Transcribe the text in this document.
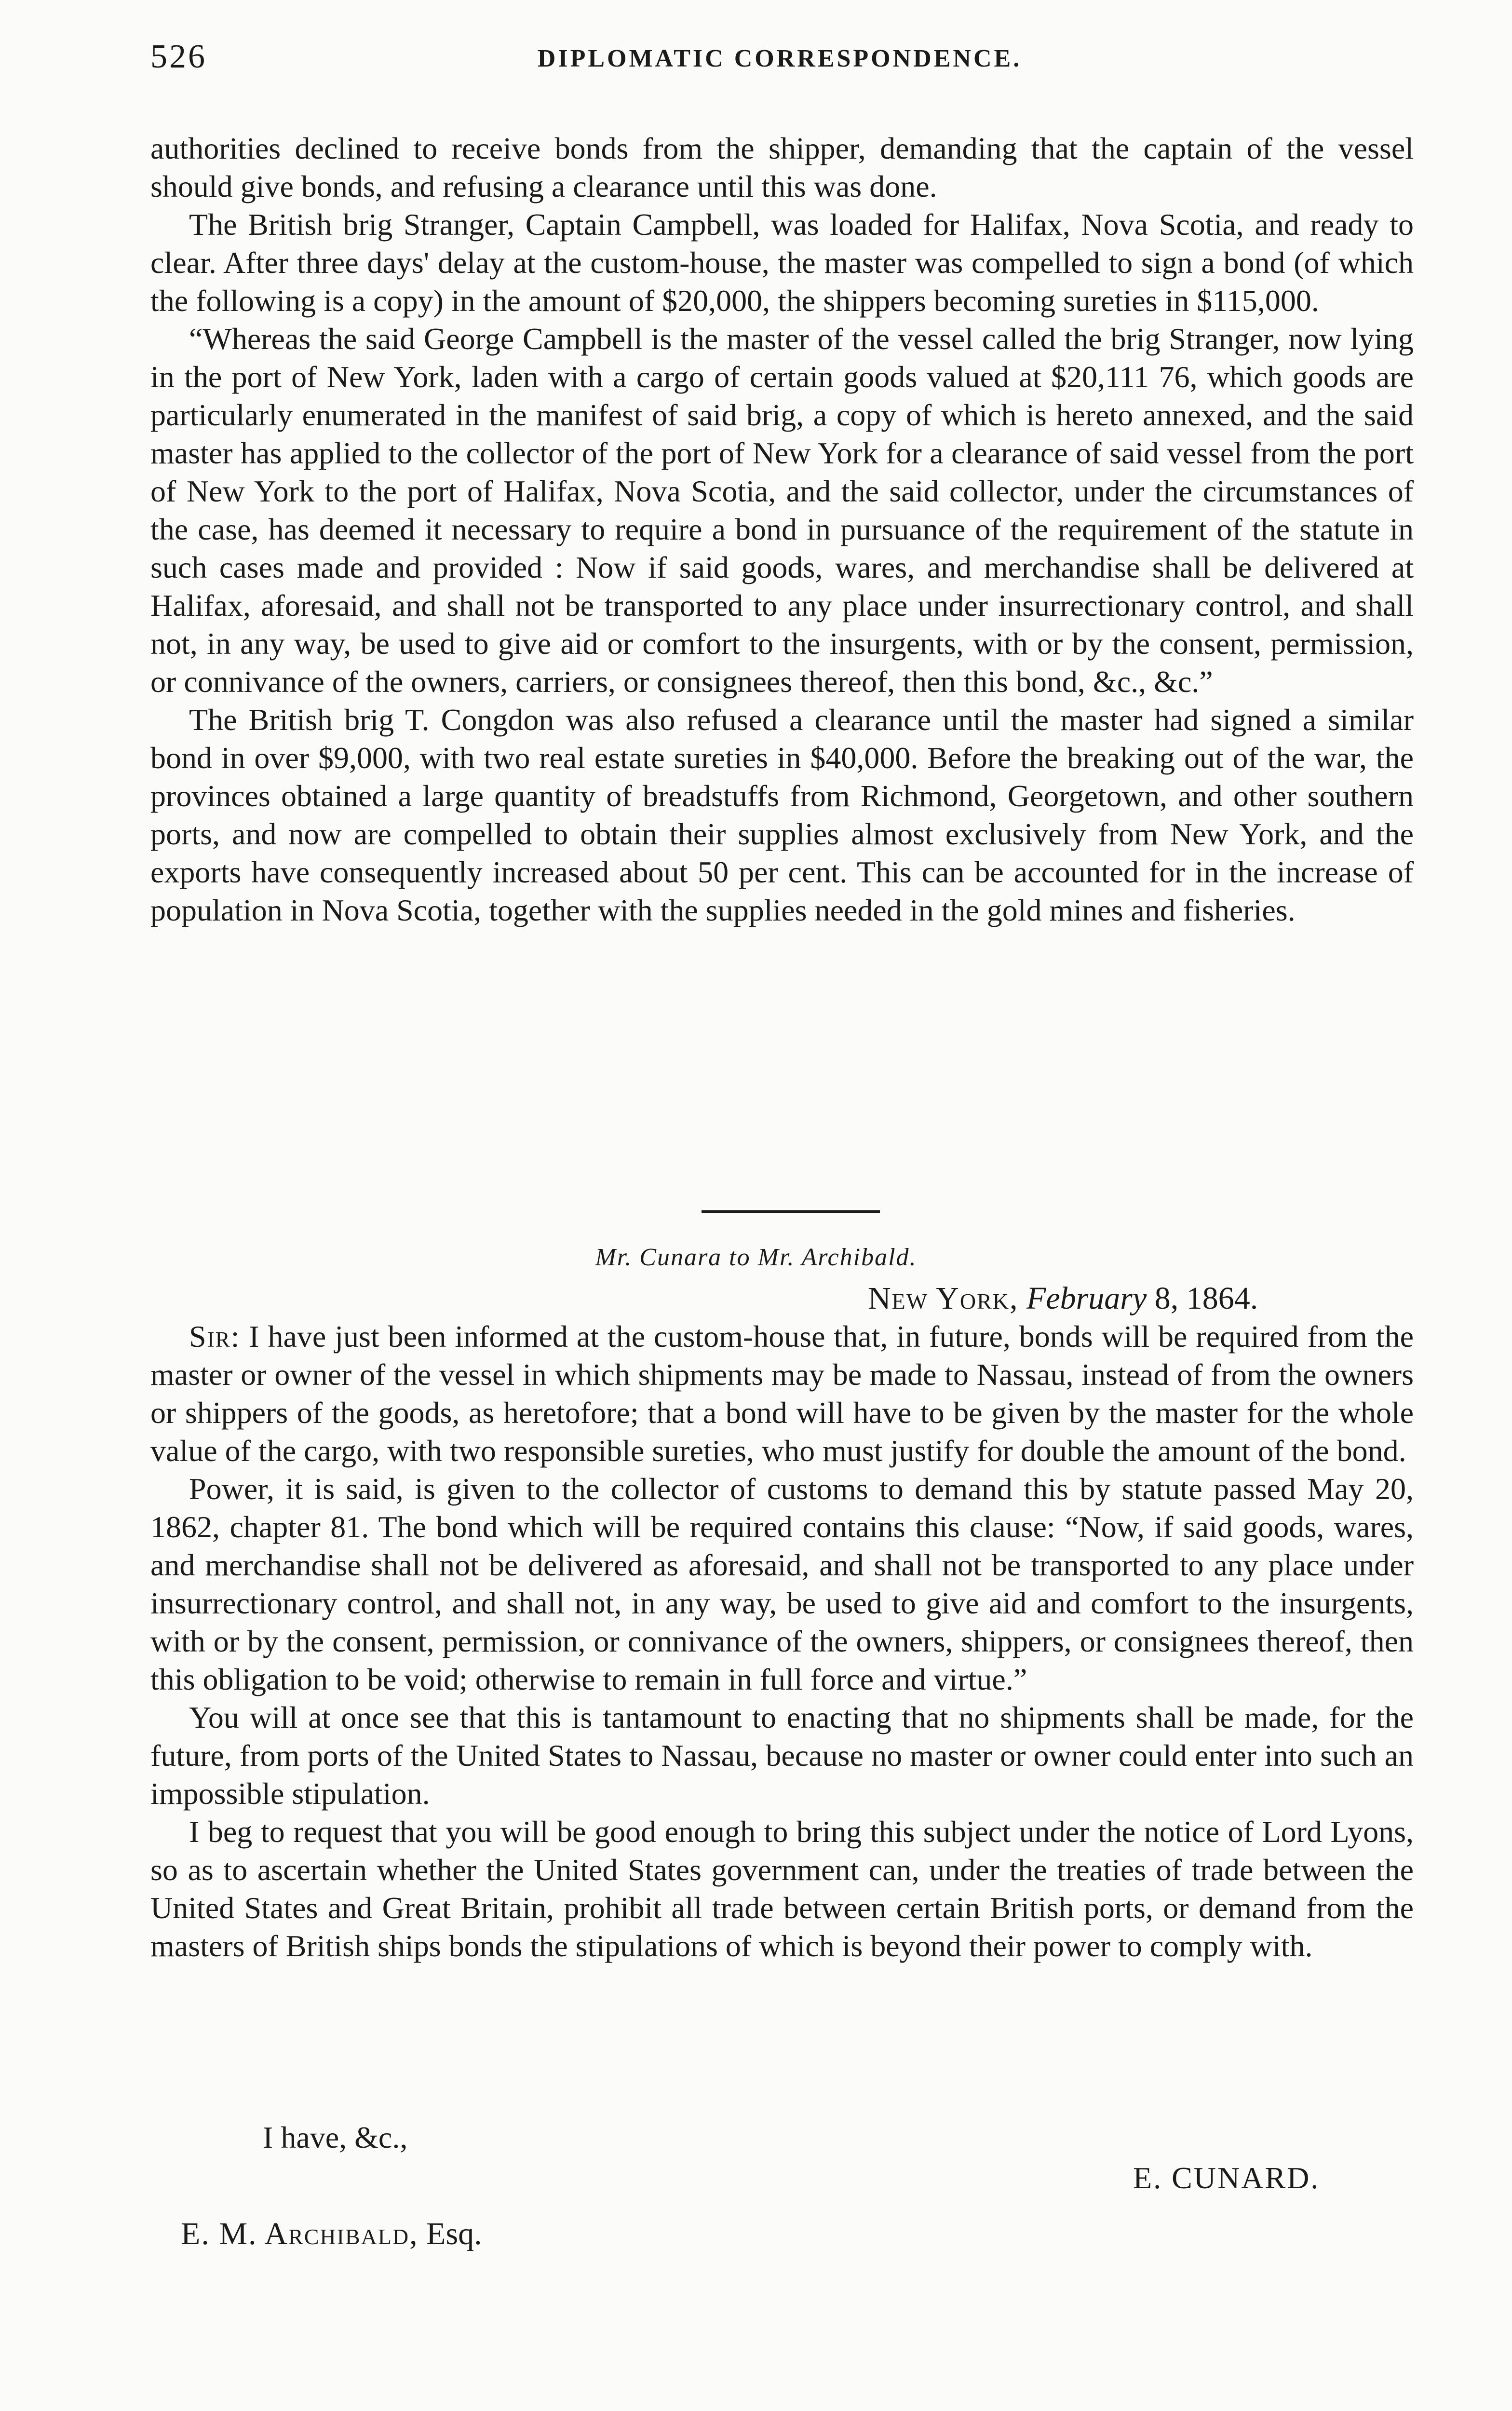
526	DIPLOMATIC CORRESPONDENCE.

authorities declined to receive bonds from the shipper, demanding that the captain of the vessel should give bonds, and refusing a clearance until this was done.

The British brig Stranger, Captain Campbell, was loaded for Halifax, Nova Scotia, and ready to clear. After three days' delay at the custom-house, the master was compelled to sign a bond (of which the following is a copy) in the amount of $20,000, the shippers becoming sureties in $115,000.

“Whereas the said George Campbell is the master of the vessel called the brig Stranger, now lying in the port of New York, laden with a cargo of certain goods valued at $20,111 76, which goods are particularly enumerated in the manifest of said brig, a copy of which is hereto annexed, and the said master has applied to the collector of the port of New York for a clearance of said vessel from the port of New York to the port of Halifax, Nova Scotia, and the said collector, under the circumstances of the case, has deemed it necessary to require a bond in pursuance of the requirement of the statute in such cases made and provided : Now if said goods, wares, and merchandise shall be delivered at Halifax, aforesaid, and shall not be transported to any place under insurrectionary control, and shall not, in any way, be used to give aid or comfort to the insurgents, with or by the consent, permission, or connivance of the owners, carriers, or consignees thereof, then this bond, &c., &c.”

The British brig T. Congdon was also refused a clearance until the master had signed a similar bond in over $9,000, with two real estate sureties in $40,000. Before the breaking out of the war, the provinces obtained a large quantity of breadstuffs from Richmond, Georgetown, and other southern ports, and now are compelled to obtain their supplies almost exclusively from New York, and the exports have consequently increased about 50 per cent. This can be accounted for in the increase of population in Nova Scotia, together with the supplies needed in the gold mines and fisheries.

Mr. Cunara to Mr. Archibald.
New York, February 8, 1864.

Sir: I have just been informed at the custom-house that, in future, bonds will be required from the master or owner of the vessel in which shipments may be made to Nassau, instead of from the owners or shippers of the goods, as heretofore; that a bond will have to be given by the master for the whole value of the cargo, with two responsible sureties, who must justify for double the amount of the bond.

Power, it is said, is given to the collector of customs to demand this by statute passed May 20, 1862, chapter 81. The bond which will be required contains this clause: “Now, if said goods, wares, and merchandise shall not be delivered as aforesaid, and shall not be transported to any place under insurrectionary control, and shall not, in any way, be used to give aid and comfort to the insurgents, with or by the consent, permission, or connivance of the owners, shippers, or consignees thereof, then this obligation to be void; otherwise to remain in full force and virtue.”

You will at once see that this is tantamount to enacting that no shipments shall be made, for the future, from ports of the United States to Nassau, because no master or owner could enter into such an impossible stipulation.

I beg to request that you will be good enough to bring this subject under the notice of Lord Lyons, so as to ascertain whether the United States government can, under the treaties of trade between the United States and Great Britain, prohibit all trade between certain British ports, or demand from the masters of British ships bonds the stipulations of which is beyond their power to comply with.

I have, &c.,
E. CUNARD.
E. M. Archibald, Esq.
